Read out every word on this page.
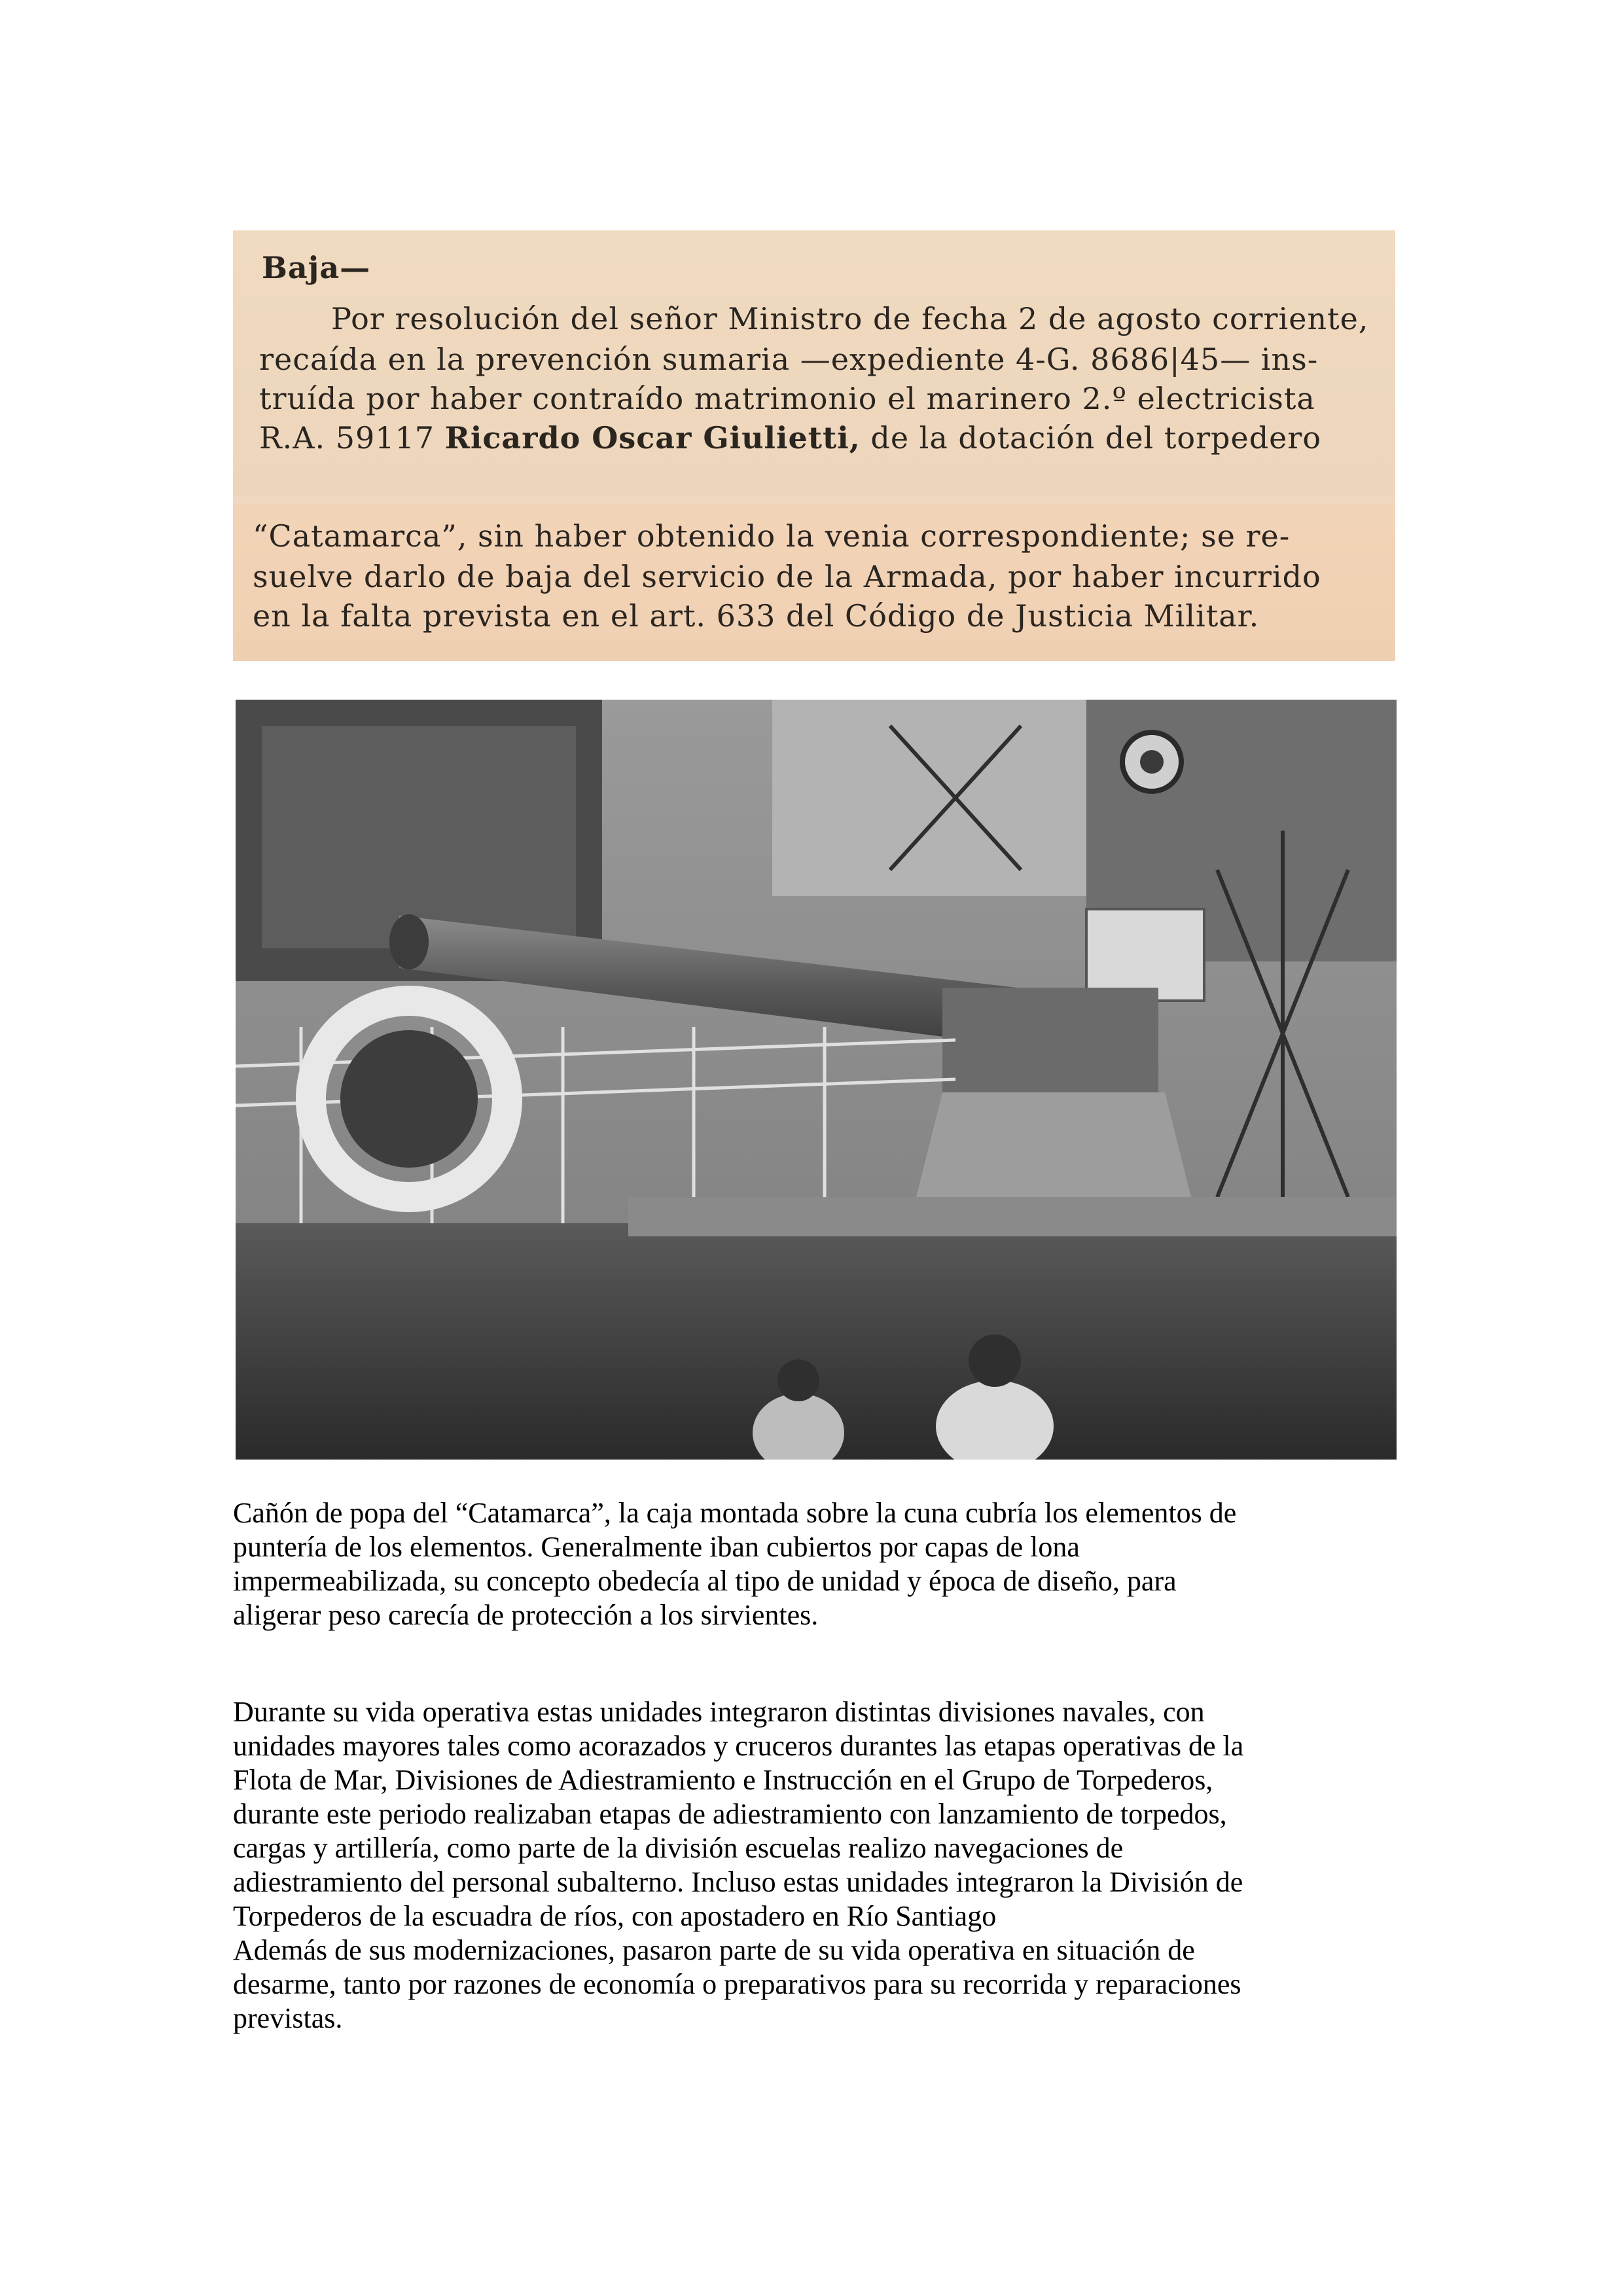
Baja—
Por resolución del señor Ministro de fecha 2 de agosto corriente,
recaída en la prevención sumaria —expediente 4-G. 8686|45— ins-
truída por haber contraído matrimonio el marinero 2.º electricista
R.A. 59117 Ricardo Oscar Giulietti, de la dotación del torpedero
“Catamarca”, sin haber obtenido la venia correspondiente; se re-
suelve darlo de baja del servicio de la Armada, por haber incurrido
en la falta prevista en el art. 633 del Código de Justicia Militar.
Cañón de popa del “Catamarca”, la caja montada sobre la cuna cubría los elementos de
puntería de los elementos. Generalmente iban cubiertos por capas de lona
impermeabilizada, su concepto obedecía al tipo de unidad y época de diseño, para
aligerar peso carecía de protección a los sirvientes.
Durante su vida operativa estas unidades integraron distintas divisiones navales, con
unidades mayores tales como acorazados y cruceros durantes las etapas operativas de la
Flota de Mar, Divisiones de Adiestramiento e Instrucción en el Grupo de Torpederos,
durante este periodo realizaban etapas de adiestramiento con lanzamiento de torpedos,
cargas y artillería, como parte de la división escuelas realizo navegaciones de
adiestramiento del personal subalterno. Incluso estas unidades integraron la División de
Torpederos de la escuadra de ríos, con apostadero en Río Santiago
Además de sus modernizaciones, pasaron parte de su vida operativa en situación de
desarme, tanto por razones de economía o preparativos para su recorrida y reparaciones
previstas.
